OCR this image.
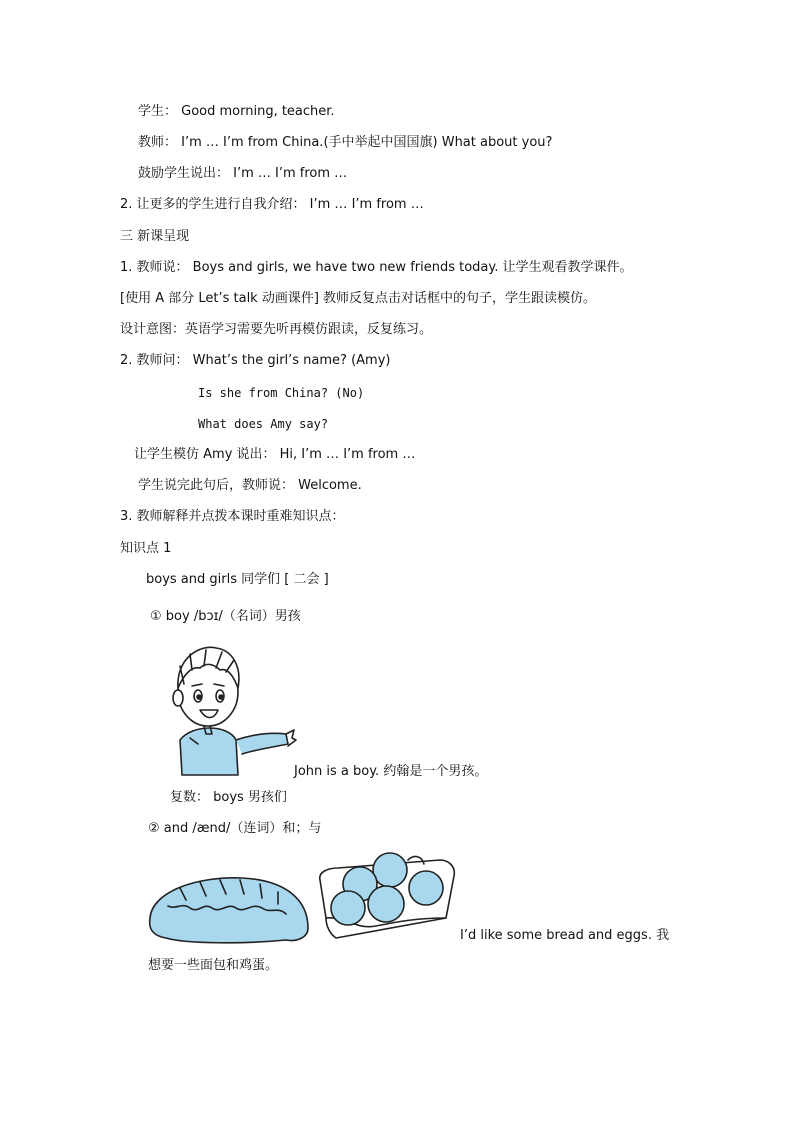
学生： Good morning, teacher.
教师： I’m … I’m from China.(手中举起中国国旗) What about you?
鼓励学生说出： I’m … I’m from …
2. 让更多的学生进行自我介绍： I’m … I’m from …
三 新课呈现
1. 教师说： Boys and girls, we have two new friends today. 让学生观看教学课件。
[使用 A 部分 Let’s talk 动画课件] 教师反复点击对话框中的句子，学生跟读模仿。
设计意图：英语学习需要先听再模仿跟读，反复练习。
2. 教师问： What’s the girl’s name? (Amy)
Is she from China? (No)
What does Amy say?
让学生模仿 Amy 说出： Hi, I’m … I’m from …
学生说完此句后，教师说： Welcome.
3. 教师解释并点拨本课时重难知识点：
知识点 1
boys and girls 同学们 [ 二会 ]
① boy /bɔɪ/（名词）男孩
John is a boy. 约翰是一个男孩。
复数： boys 男孩们
② and /ænd/（连词）和；与
I’d like some bread and eggs. 我
想要一些面包和鸡蛋。
